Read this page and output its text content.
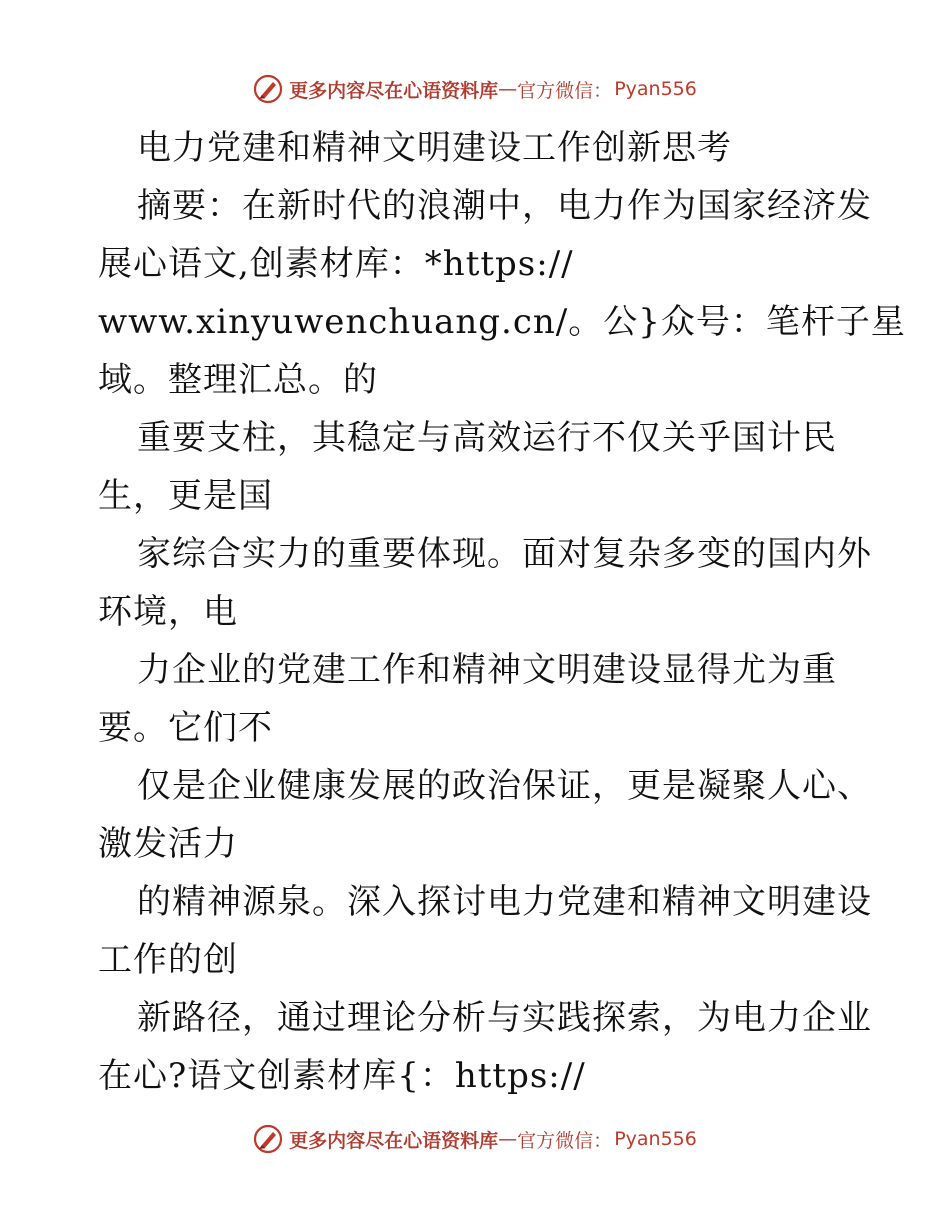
更多内容尽在心语资料库 — 官方微信： Pyan556
电力党建和精神文明建设工作创新思考
摘要：在新时代的浪潮中，电力作为国家经济发
展心语文,创素材库：*https://
www.xinyuwenchuang.cn/。公}众号：笔杆子星
域。整理汇总。的
重要支柱，其稳定与高效运行不仅关乎国计民
生，更是国
家综合实力的重要体现。面对复杂多变的国内外
环境，电
力企业的党建工作和精神文明建设显得尤为重
要。它们不
仅是企业健康发展的政治保证，更是凝聚人心、
激发活力
的精神源泉。深入探讨电力党建和精神文明建设
工作的创
新路径，通过理论分析与实践探索，为电力企业
在心?语文创素材库{：https://
更多内容尽在心语资料库 — 官方微信： Pyan556
